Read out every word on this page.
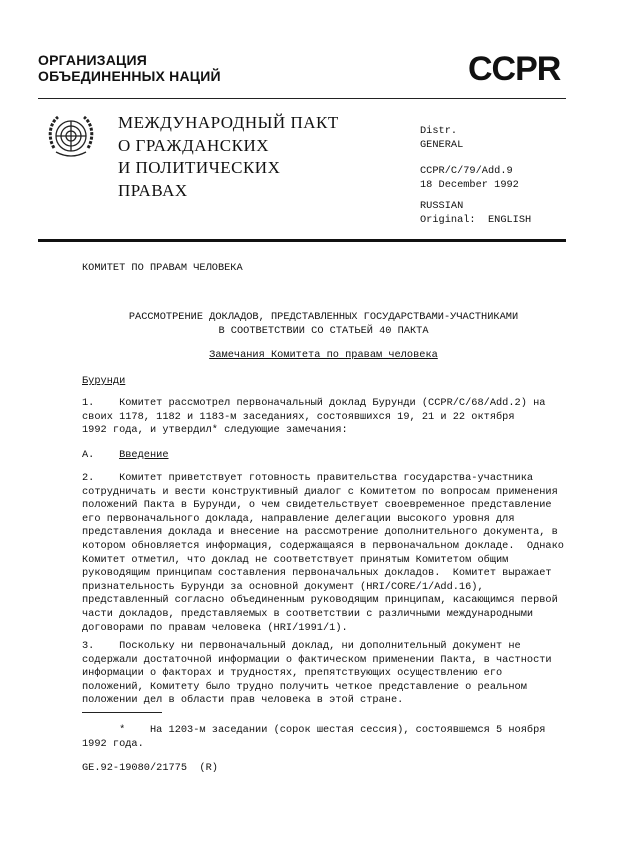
ОРГАНИЗАЦИЯ
ОБЪЕДИНЕННЫХ НАЦИЙ	CCPR
МЕЖДУНАРОДНЫЙ ПАКТ
О ГРАЖДАНСКИХ
И ПОЛИТИЧЕСКИХ
ПРАВАХ
Distr.
GENERAL
CCPR/C/79/Add.9
18 December 1992
RUSSIAN
Original:  ENGLISH
КОМИТЕТ ПО ПРАВАМ ЧЕЛОВЕКА
РАССМОТРЕНИЕ ДОКЛАДОВ, ПРЕДСТАВЛЕННЫХ ГОСУДАРСТВАМИ-УЧАСТНИКАМИ
В СООТВЕТСТВИИ СО СТАТЬЕЙ 40 ПАКТА
Замечания Комитета по правам человека
Бурунди
1.    Комитет рассмотрел первоначальный доклад Бурунди (CCPR/C/68/Add.2) на
своих 1178, 1182 и 1183-м заседаниях, состоявшихся 19, 21 и 22 октября
1992 года, и утвердил* следующие замечания:
A. Введение
2.    Комитет приветствует готовность правительства государства-участника
сотрудничать и вести конструктивный диалог с Комитетом по вопросам применения
положений Пакта в Бурунди, о чем свидетельствует своевременное представление
его первоначального доклада, направление делегации высокого уровня для
представления доклада и внесение на рассмотрение дополнительного документа, в
котором обновляется информация, содержащаяся в первоначальном докладе.  Однако
Комитет отметил, что доклад не соответствует принятым Комитетом общим
руководящим принципам составления первоначальных докладов.  Комитет выражает
признательность Бурунди за основной документ (HRI/CORE/1/Add.16),
представленный согласно объединенным руководящим принципам, касающимся первой
части докладов, представляемых в соответствии с различными международными
договорами по правам человека (HRI/1991/1).
3.    Поскольку ни первоначальный доклад, ни дополнительный документ не
содержали достаточной информации о фактическом применении Пакта, в частности
информации о факторах и трудностях, препятствующих осуществлению его
положений, Комитету было трудно получить четкое представление о реальном
положении дел в области прав человека в этой стране.
* На 1203-м заседании (сорок шестая сессия), состоявшемся 5 ноября
1992 года.
GE.92-19080/21775  (R)
